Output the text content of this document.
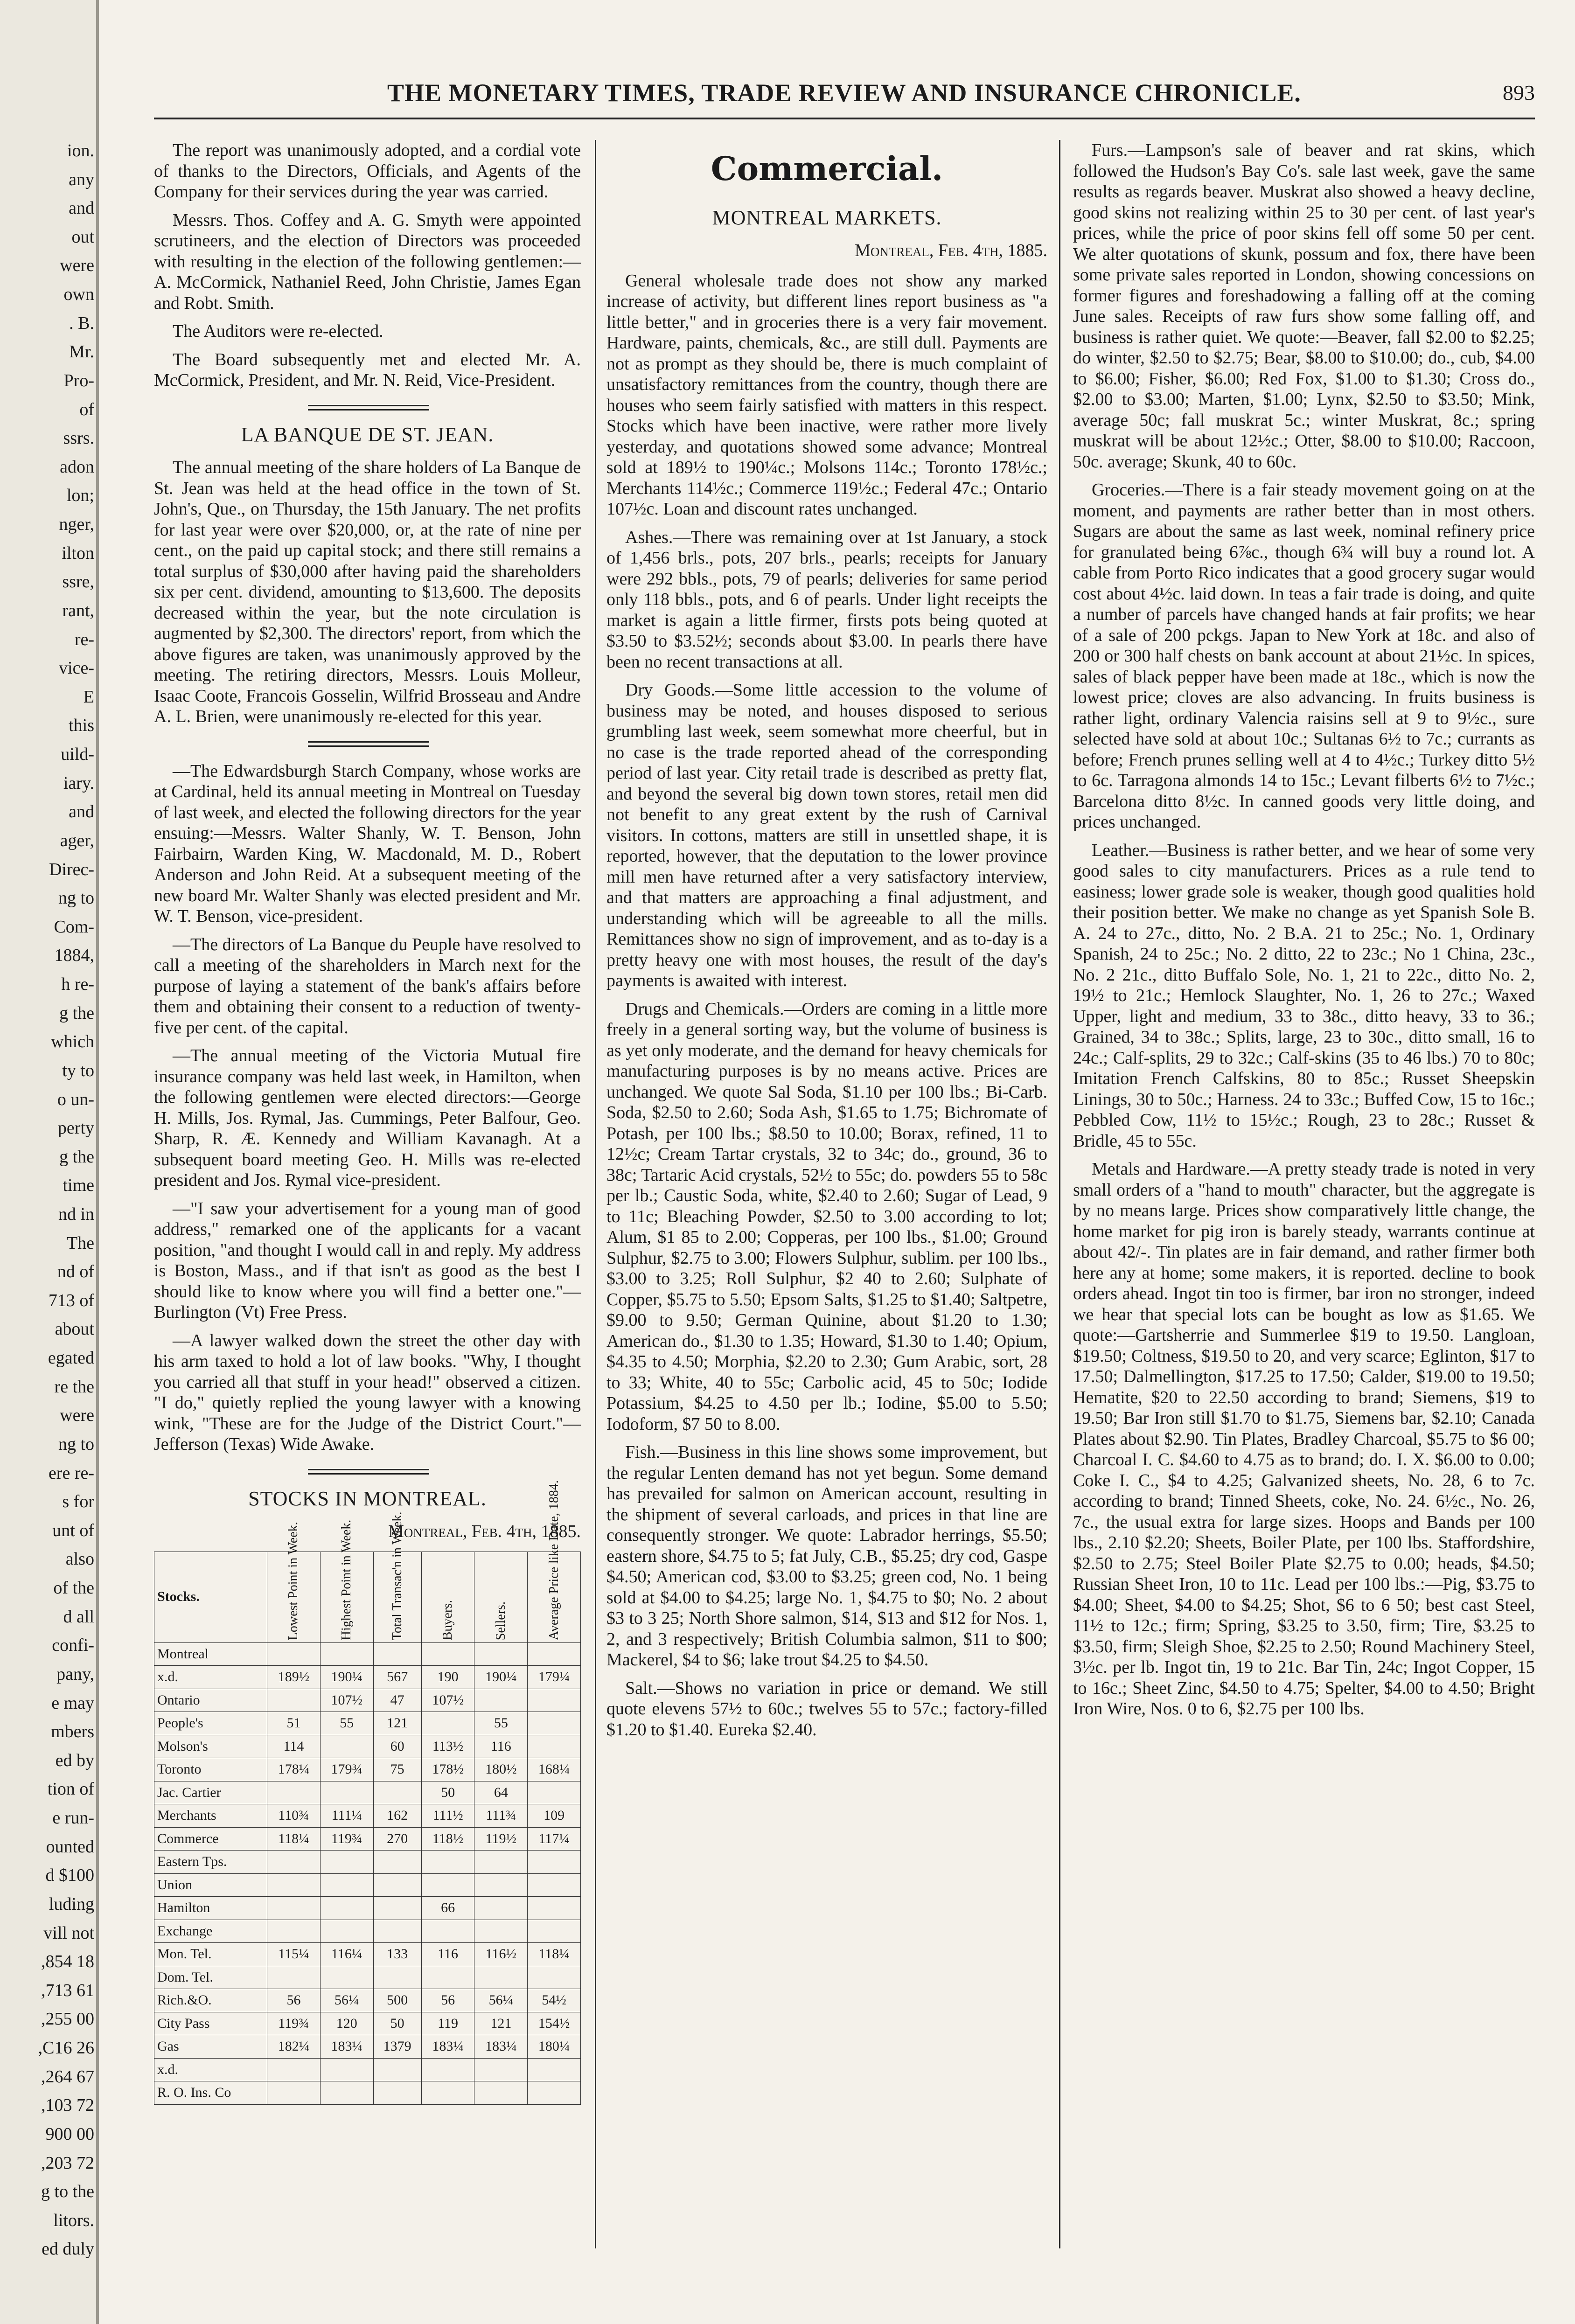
ion.
any
and
out
were
own
. B.
Mr.
Pro-
of
ssrs.
adon
lon;
nger,
ilton
ssre,
rant,
re-
vice-
E
this
uild-
iary.
and
ager,
Direc-
ng to
Com-
1884,
h re-
g the
which
ty to
o un-
perty
g the
time
nd in
The
nd of
713 of
about
egated
re the
were
ng to
ere re-
s for
unt of
also
of the
d all
confi-
pany,
e may
mbers
ed by
tion of
e run-
ounted
d $100
luding
vill not
,854 18
,713 61
,255 00
,C16 26
,264 67
,103 72
900 00
,203 72
g to the
litors.
ed duly
THE MONETARY TIMES, TRADE REVIEW AND INSURANCE CHRONICLE.	893

The report was unanimously adopted, and a cordial vote of thanks to the Directors, Officials, and Agents of the Company for their services during the year was carried.

Messrs. Thos. Coffey and A. G. Smyth were appointed scrutineers, and the election of Directors was proceeded with resulting in the election of the following gentlemen:—A. McCormick, Nathaniel Reed, John Christie, James Egan and Robt. Smith.

The Auditors were re-elected.

The Board subsequently met and elected Mr. A. McCormick, President, and Mr. N. Reid, Vice-President.

LA BANQUE DE ST. JEAN.

The annual meeting of the share holders of La Banque de St. Jean was held at the head office in the town of St. John's, Que., on Thursday, the 15th January. The net profits for last year were over $20,000, or, at the rate of nine per cent., on the paid up capital stock; and there still remains a total surplus of $30,000 after having paid the shareholders six per cent. dividend, amounting to $13,600. The deposits decreased within the year, but the note circulation is augmented by $2,300. The directors' report, from which the above figures are taken, was unanimously approved by the meeting. The retiring directors, Messrs. Louis Molleur, Isaac Coote, Francois Gosselin, Wilfrid Brosseau and Andre A. L. Brien, were unanimously re-elected for this year.

—The Edwardsburgh Starch Company, whose works are at Cardinal, held its annual meeting in Montreal on Tuesday of last week, and elected the following directors for the year ensuing:—Messrs. Walter Shanly, W. T. Benson, John Fairbairn, Warden King, W. Macdonald, M. D., Robert Anderson and John Reid. At a subsequent meeting of the new board Mr. Walter Shanly was elected president and Mr. W. T. Benson, vice-president.

—The directors of La Banque du Peuple have resolved to call a meeting of the shareholders in March next for the purpose of laying a statement of the bank's affairs before them and obtaining their consent to a reduction of twenty-five per cent. of the capital.

—The annual meeting of the Victoria Mutual fire insurance company was held last week, in Hamilton, when the following gentlemen were elected directors:—George H. Mills, Jos. Rymal, Jas. Cummings, Peter Balfour, Geo. Sharp, R. Æ. Kennedy and William Kavanagh. At a subsequent board meeting Geo. H. Mills was re-elected president and Jos. Rymal vice-president.

—"I saw your advertisement for a young man of good address," remarked one of the applicants for a vacant position, "and thought I would call in and reply. My address is Boston, Mass., and if that isn't as good as the best I should like to know where you will find a better one."—Burlington (Vt) Free Press.

—A lawyer walked down the street the other day with his arm taxed to hold a lot of law books. "Why, I thought you carried all that stuff in your head!" observed a citizen. "I do," quietly replied the young lawyer with a knowing wink, "These are for the Judge of the District Court."—Jefferson (Texas) Wide Awake.

STOCKS IN MONTREAL.
Montreal, Feb. 4th, 1885.
Stocks.	Lowest Point in Week.	Highest Point in Week.	Total Transac'n in Week.	Buyers.	Sellers.	Average Price like Date, 1884.
Montreal						
x.d.	189½	190¼	567	190	190¼	179¼
Ontario		107½	47	107½		
People's	51	55	121		55	
Molson's	114		60	113½	116	
Toronto	178¼	179¾	75	178½	180½	168¼
Jac. Cartier				50	64	
Merchants	110¾	111¼	162	111½	111¾	109
Commerce	118¼	119¾	270	118½	119½	117¼
Eastern Tps.						
Union						
Hamilton				66		
Exchange						
Mon. Tel.	115¼	116¼	133	116	116½	118¼
Dom. Tel.						
Rich.&O.	56	56¼	500	56	56¼	54½
City Pass	119¾	120	50	119	121	154½
Gas	182¼	183¼	1379	183¼	183¼	180¼
x.d.						
R. O. Ins. Co						
Commercial.
MONTREAL MARKETS.
Montreal, Feb. 4th, 1885.

General wholesale trade does not show any marked increase of activity, but different lines report business as "a little better," and in groceries there is a very fair movement. Hardware, paints, chemicals, &c., are still dull. Payments are not as prompt as they should be, there is much complaint of unsatisfactory remittances from the country, though there are houses who seem fairly satisfied with matters in this respect. Stocks which have been inactive, were rather more lively yesterday, and quotations showed some advance; Montreal sold at 189½ to 190¼c.; Molsons 114c.; Toronto 178½c.; Merchants 114½c.; Commerce 119½c.; Federal 47c.; Ontario 107½c. Loan and discount rates unchanged.

Ashes.—There was remaining over at 1st January, a stock of 1,456 brls., pots, 207 brls., pearls; receipts for January were 292 bbls., pots, 79 of pearls; deliveries for same period only 118 bbls., pots, and 6 of pearls. Under light receipts the market is again a little firmer, firsts pots being quoted at $3.50 to $3.52½; seconds about $3.00. In pearls there have been no recent transactions at all.

Dry Goods.—Some little accession to the volume of business may be noted, and houses disposed to serious grumbling last week, seem somewhat more cheerful, but in no case is the trade reported ahead of the corresponding period of last year. City retail trade is described as pretty flat, and beyond the several big down town stores, retail men did not benefit to any great extent by the rush of Carnival visitors. In cottons, matters are still in unsettled shape, it is reported, however, that the deputation to the lower province mill men have returned after a very satisfactory interview, and that matters are approaching a final adjustment, and understanding which will be agreeable to all the mills. Remittances show no sign of improvement, and as to-day is a pretty heavy one with most houses, the result of the day's payments is awaited with interest.

Drugs and Chemicals.—Orders are coming in a little more freely in a general sorting way, but the volume of business is as yet only moderate, and the demand for heavy chemicals for manufacturing purposes is by no means active. Prices are unchanged. We quote Sal Soda, $1.10 per 100 lbs.; Bi-Carb. Soda, $2.50 to 2.60; Soda Ash, $1.65 to 1.75; Bichromate of Potash, per 100 lbs.; $8.50 to 10.00; Borax, refined, 11 to 12½c; Cream Tartar crystals, 32 to 34c; do., ground, 36 to 38c; Tartaric Acid crystals, 52½ to 55c; do. powders 55 to 58c per lb.; Caustic Soda, white, $2.40 to 2.60; Sugar of Lead, 9 to 11c; Bleaching Powder, $2.50 to 3.00 according to lot; Alum, $1 85 to 2.00; Copperas, per 100 lbs., $1.00; Ground Sulphur, $2.75 to 3.00; Flowers Sulphur, sublim. per 100 lbs., $3.00 to 3.25; Roll Sulphur, $2 40 to 2.60; Sulphate of Copper, $5.75 to 5.50; Epsom Salts, $1.25 to $1.40; Saltpetre, $9.00 to 9.50; German Quinine, about $1.20 to 1.30; American do., $1.30 to 1.35; Howard, $1.30 to 1.40; Opium, $4.35 to 4.50; Morphia, $2.20 to 2.30; Gum Arabic, sort, 28 to 33; White, 40 to 55c; Carbolic acid, 45 to 50c; Iodide Potassium, $4.25 to 4.50 per lb.; Iodine, $5.00 to 5.50; Iodoform, $7 50 to 8.00.

Fish.—Business in this line shows some improvement, but the regular Lenten demand has not yet begun. Some demand has prevailed for salmon on American account, resulting in the shipment of several carloads, and prices in that line are consequently stronger. We quote: Labrador herrings, $5.50; eastern shore, $4.75 to 5; fat July, C.B., $5.25; dry cod, Gaspe $4.50; American cod, $3.00 to $3.25; green cod, No. 1 being sold at $4.00 to $4.25; large No. 1, $4.75 to $0; No. 2 about $3 to 3 25; North Shore salmon, $14, $13 and $12 for Nos. 1, 2, and 3 respectively; British Columbia salmon, $11 to $00; Mackerel, $4 to $6; lake trout $4.25 to $4.50.

Salt.—Shows no variation in price or demand. We still quote elevens 57½ to 60c.; twelves 55 to 57c.; factory-filled $1.20 to $1.40. Eureka $2.40.

Furs.—Lampson's sale of beaver and rat skins, which followed the Hudson's Bay Co's. sale last week, gave the same results as regards beaver. Muskrat also showed a heavy decline, good skins not realizing within 25 to 30 per cent. of last year's prices, while the price of poor skins fell off some 50 per cent. We alter quotations of skunk, possum and fox, there have been some private sales reported in London, showing concessions on former figures and foreshadowing a falling off at the coming June sales. Receipts of raw furs show some falling off, and business is rather quiet. We quote:—Beaver, fall $2.00 to $2.25; do winter, $2.50 to $2.75; Bear, $8.00 to $10.00; do., cub, $4.00 to $6.00; Fisher, $6.00; Red Fox, $1.00 to $1.30; Cross do., $2.00 to $3.00; Marten, $1.00; Lynx, $2.50 to $3.50; Mink, average 50c; fall muskrat 5c.; winter Muskrat, 8c.; spring muskrat will be about 12½c.; Otter, $8.00 to $10.00; Raccoon, 50c. average; Skunk, 40 to 60c.

Groceries.—There is a fair steady movement going on at the moment, and payments are rather better than in most others. Sugars are about the same as last week, nominal refinery price for granulated being 6⅞c., though 6¾ will buy a round lot. A cable from Porto Rico indicates that a good grocery sugar would cost about 4½c. laid down. In teas a fair trade is doing, and quite a number of parcels have changed hands at fair profits; we hear of a sale of 200 pckgs. Japan to New York at 18c. and also of 200 or 300 half chests on bank account at about 21½c. In spices, sales of black pepper have been made at 18c., which is now the lowest price; cloves are also advancing. In fruits business is rather light, ordinary Valencia raisins sell at 9 to 9½c., sure selected have sold at about 10c.; Sultanas 6½ to 7c.; currants as before; French prunes selling well at 4 to 4½c.; Turkey ditto 5½ to 6c. Tarragona almonds 14 to 15c.; Levant filberts 6½ to 7½c.; Barcelona ditto 8½c. In canned goods very little doing, and prices unchanged.

Leather.—Business is rather better, and we hear of some very good sales to city manufacturers. Prices as a rule tend to easiness; lower grade sole is weaker, though good qualities hold their position better. We make no change as yet Spanish Sole B. A. 24 to 27c., ditto, No. 2 B.A. 21 to 25c.; No. 1, Ordinary Spanish, 24 to 25c.; No. 2 ditto, 22 to 23c.; No 1 China, 23c., No. 2 21c., ditto Buffalo Sole, No. 1, 21 to 22c., ditto No. 2, 19½ to 21c.; Hemlock Slaughter, No. 1, 26 to 27c.; Waxed Upper, light and medium, 33 to 38c., ditto heavy, 33 to 36.; Grained, 34 to 38c.; Splits, large, 23 to 30c., ditto small, 16 to 24c.; Calf-splits, 29 to 32c.; Calf-skins (35 to 46 lbs.) 70 to 80c; Imitation French Calfskins, 80 to 85c.; Russet Sheepskin Linings, 30 to 50c.; Harness. 24 to 33c.; Buffed Cow, 15 to 16c.; Pebbled Cow, 11½ to 15½c.; Rough, 23 to 28c.; Russet & Bridle, 45 to 55c.

Metals and Hardware.—A pretty steady trade is noted in very small orders of a "hand to mouth" character, but the aggregate is by no means large. Prices show comparatively little change, the home market for pig iron is barely steady, warrants continue at about 42/-. Tin plates are in fair demand, and rather firmer both here any at home; some makers, it is reported. decline to book orders ahead. Ingot tin too is firmer, bar iron no stronger, indeed we hear that special lots can be bought as low as $1.65. We quote:—Gartsherrie and Summerlee $19 to 19.50. Langloan, $19.50; Coltness, $19.50 to 20, and very scarce; Eglinton, $17 to 17.50; Dalmellington, $17.25 to 17.50; Calder, $19.00 to 19.50; Hematite, $20 to 22.50 according to brand; Siemens, $19 to 19.50; Bar Iron still $1.70 to $1.75, Siemens bar, $2.10; Canada Plates about $2.90. Tin Plates, Bradley Charcoal, $5.75 to $6 00; Charcoal I. C. $4.60 to 4.75 as to brand; do. I. X. $6.00 to 0.00; Coke I. C., $4 to 4.25; Galvanized sheets, No. 28, 6 to 7c. according to brand; Tinned Sheets, coke, No. 24. 6½c., No. 26, 7c., the usual extra for large sizes. Hoops and Bands per 100 lbs., 2.10 $2.20; Sheets, Boiler Plate, per 100 lbs. Staffordshire, $2.50 to 2.75; Steel Boiler Plate $2.75 to 0.00; heads, $4.50; Russian Sheet Iron, 10 to 11c. Lead per 100 lbs.:—Pig, $3.75 to $4.00; Sheet, $4.00 to $4.25; Shot, $6 to 6 50; best cast Steel, 11½ to 12c.; firm; Spring, $3.25 to 3.50, firm; Tire, $3.25 to $3.50, firm; Sleigh Shoe, $2.25 to 2.50; Round Machinery Steel, 3½c. per lb. Ingot tin, 19 to 21c. Bar Tin, 24c; Ingot Copper, 15 to 16c.; Sheet Zinc, $4.50 to 4.75; Spelter, $4.00 to 4.50; Bright Iron Wire, Nos. 0 to 6, $2.75 per 100 lbs.
